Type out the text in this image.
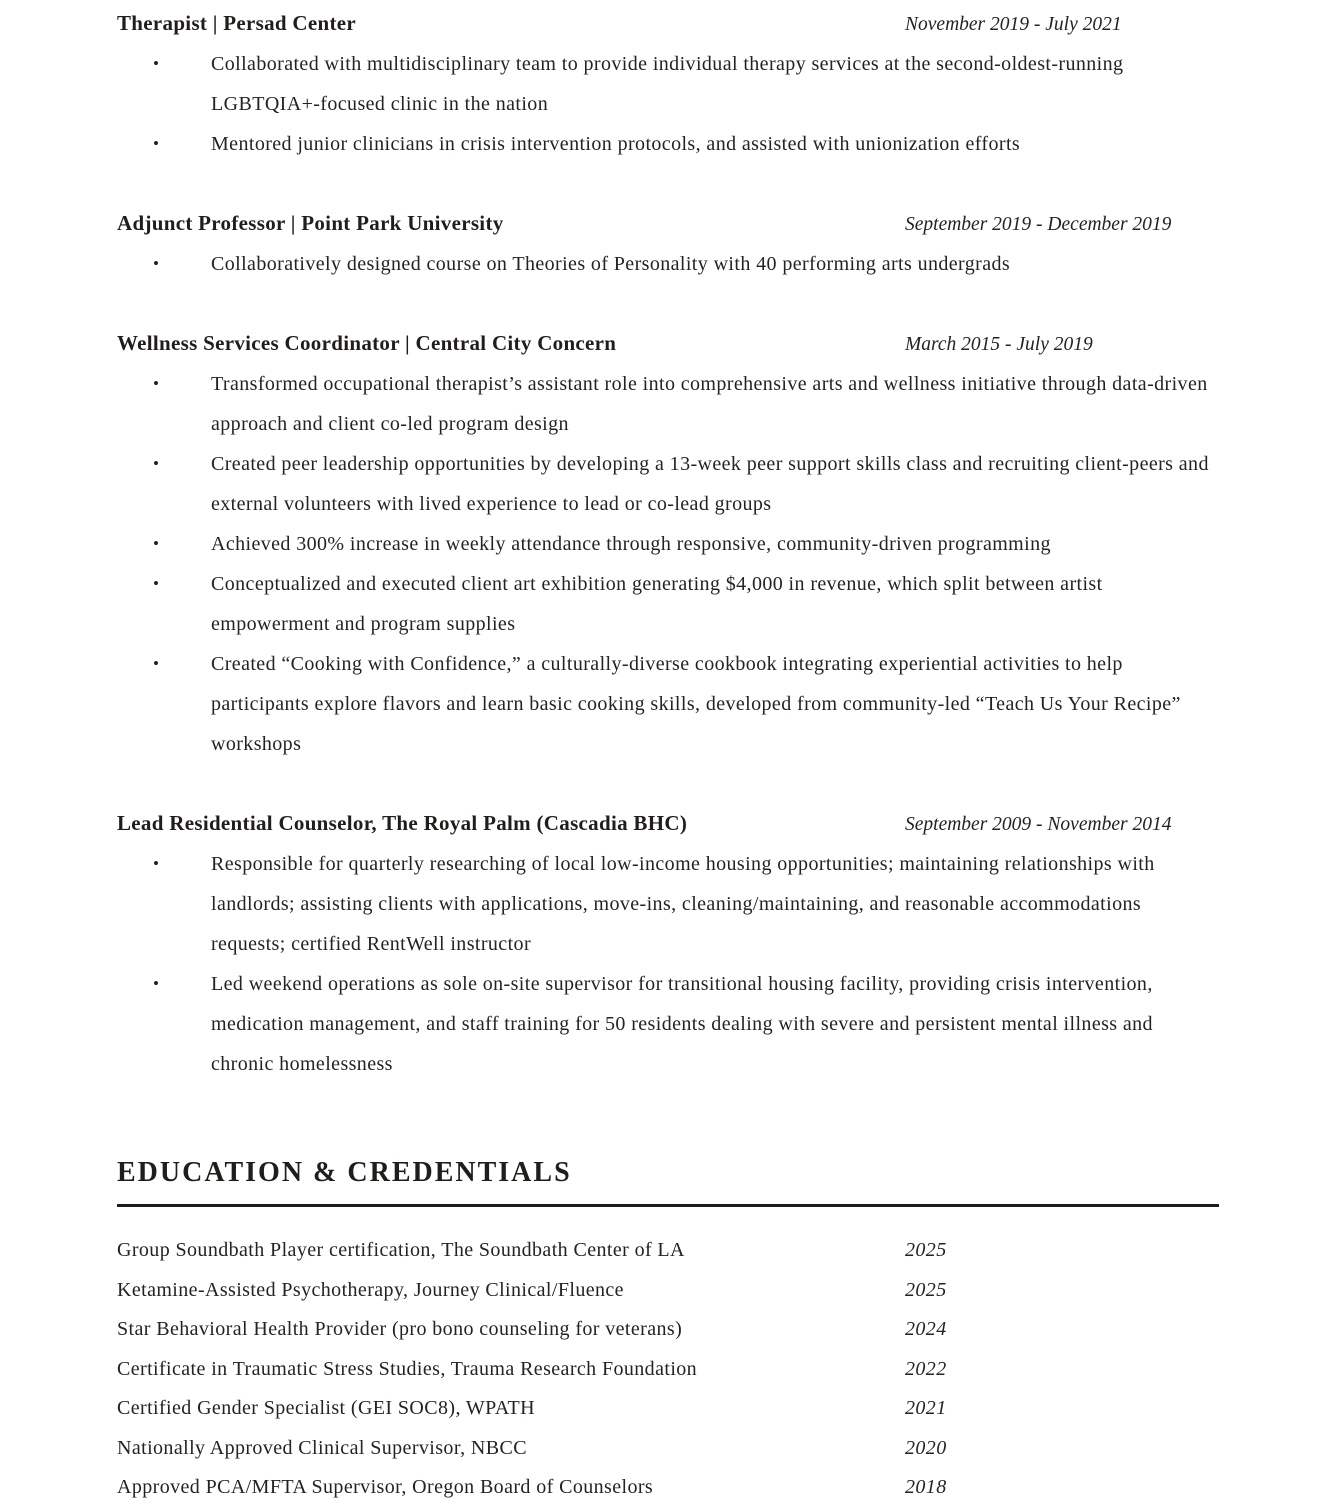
Therapist | Persad Center	November 2019 - July 2021
• Collaborated with multidisciplinary team to provide individual therapy services at the second-oldest-running LGBTQIA+-focused clinic in the nation
• Mentored junior clinicians in crisis intervention protocols, and assisted with unionization efforts
Adjunct Professor | Point Park University	September 2019 - December 2019
• Collaboratively designed course on Theories of Personality with 40 performing arts undergrads
Wellness Services Coordinator | Central City Concern	March 2015 - July 2019
• Transformed occupational therapist’s assistant role into comprehensive arts and wellness initiative through data-driven approach and client co-led program design
• Created peer leadership opportunities by developing a 13-week peer support skills class and recruiting client-peers and external volunteers with lived experience to lead or co-lead groups
• Achieved 300% increase in weekly attendance through responsive, community-driven programming
• Conceptualized and executed client art exhibition generating $4,000 in revenue, which split between artist empowerment and program supplies
• Created “Cooking with Confidence,” a culturally-diverse cookbook integrating experiential activities to help participants explore flavors and learn basic cooking skills, developed from community-led “Teach Us Your Recipe” workshops
Lead Residential Counselor, The Royal Palm (Cascadia BHC)	September 2009 - November 2014
• Responsible for quarterly researching of local low-income housing opportunities; maintaining relationships with landlords; assisting clients with applications, move-ins, cleaning/maintaining, and reasonable accommodations requests; certified RentWell instructor
• Led weekend operations as sole on-site supervisor for transitional housing facility, providing crisis intervention, medication management, and staff training for 50 residents dealing with severe and persistent mental illness and chronic homelessness
EDUCATION & CREDENTIALS
Group Soundbath Player certification, The Soundbath Center of LA	2025
Ketamine-Assisted Psychotherapy, Journey Clinical/Fluence	2025
Star Behavioral Health Provider (pro bono counseling for veterans)	2024
Certificate in Traumatic Stress Studies, Trauma Research Foundation	2022
Certified Gender Specialist (GEI SOC8), WPATH	2021
Nationally Approved Clinical Supervisor, NBCC	2020
Approved PCA/MFTA Supervisor, Oregon Board of Counselors	2018
